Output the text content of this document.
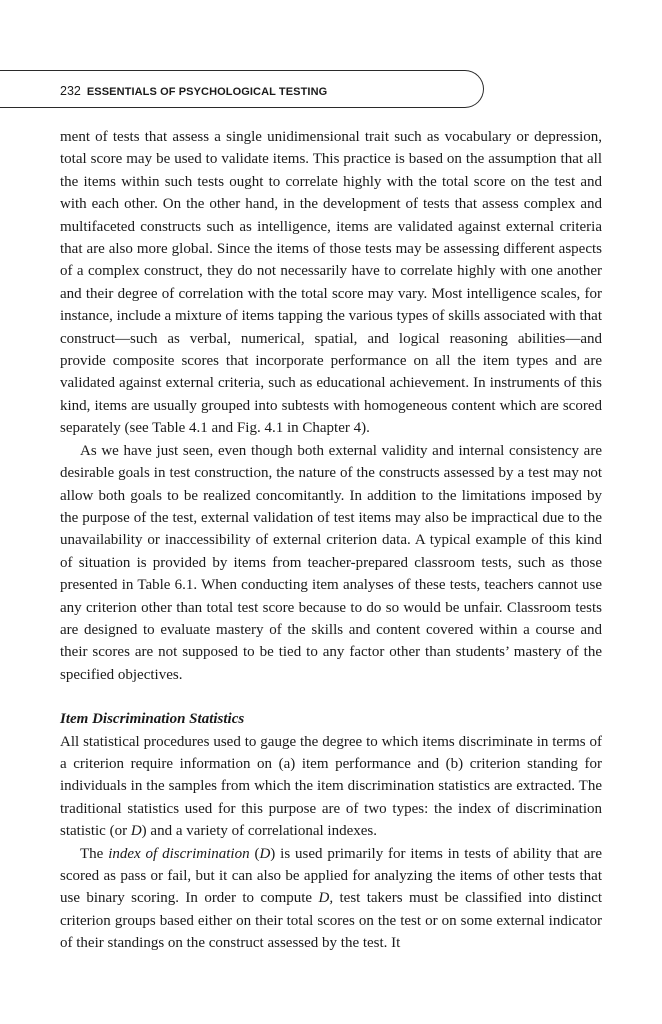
232 ESSENTIALS OF PSYCHOLOGICAL TESTING

ment of tests that assess a single unidimensional trait such as vocabulary or depression, total score may be used to validate items. This practice is based on the assumption that all the items within such tests ought to correlate highly with the total score on the test and with each other. On the other hand, in the development of tests that assess complex and multifaceted constructs such as intelligence, items are validated against external criteria that are also more global. Since the items of those tests may be assessing different aspects of a complex construct, they do not necessarily have to correlate highly with one another and their degree of correlation with the total score may vary. Most intelligence scales, for instance, include a mixture of items tapping the various types of skills associated with that construct—such as verbal, numerical, spatial, and logical reasoning abilities—and provide composite scores that incorporate performance on all the item types and are validated against external criteria, such as educational achievement. In instruments of this kind, items are usually grouped into subtests with homogeneous content which are scored separately (see Table 4.1 and Fig. 4.1 in Chapter 4).

As we have just seen, even though both external validity and internal consistency are desirable goals in test construction, the nature of the constructs assessed by a test may not allow both goals to be realized concomitantly. In addition to the limitations imposed by the purpose of the test, external validation of test items may also be impractical due to the unavailability or inaccessibility of external criterion data. A typical example of this kind of situation is provided by items from teacher-prepared classroom tests, such as those presented in Table 6.1. When conducting item analyses of these tests, teachers cannot use any criterion other than total test score because to do so would be unfair. Classroom tests are designed to evaluate mastery of the skills and content covered within a course and their scores are not supposed to be tied to any factor other than students’ mastery of the specified objectives.

Item Discrimination Statistics

All statistical procedures used to gauge the degree to which items discriminate in terms of a criterion require information on (a) item performance and (b) criterion standing for individuals in the samples from which the item discrimination statistics are extracted. The traditional statistics used for this purpose are of two types: the index of discrimination statistic (or D) and a variety of correlational indexes.

The index of discrimination (D) is used primarily for items in tests of ability that are scored as pass or fail, but it can also be applied for analyzing the items of other tests that use binary scoring. In order to compute D, test takers must be classified into distinct criterion groups based either on their total scores on the test or on some external indicator of their standings on the construct assessed by the test. It
